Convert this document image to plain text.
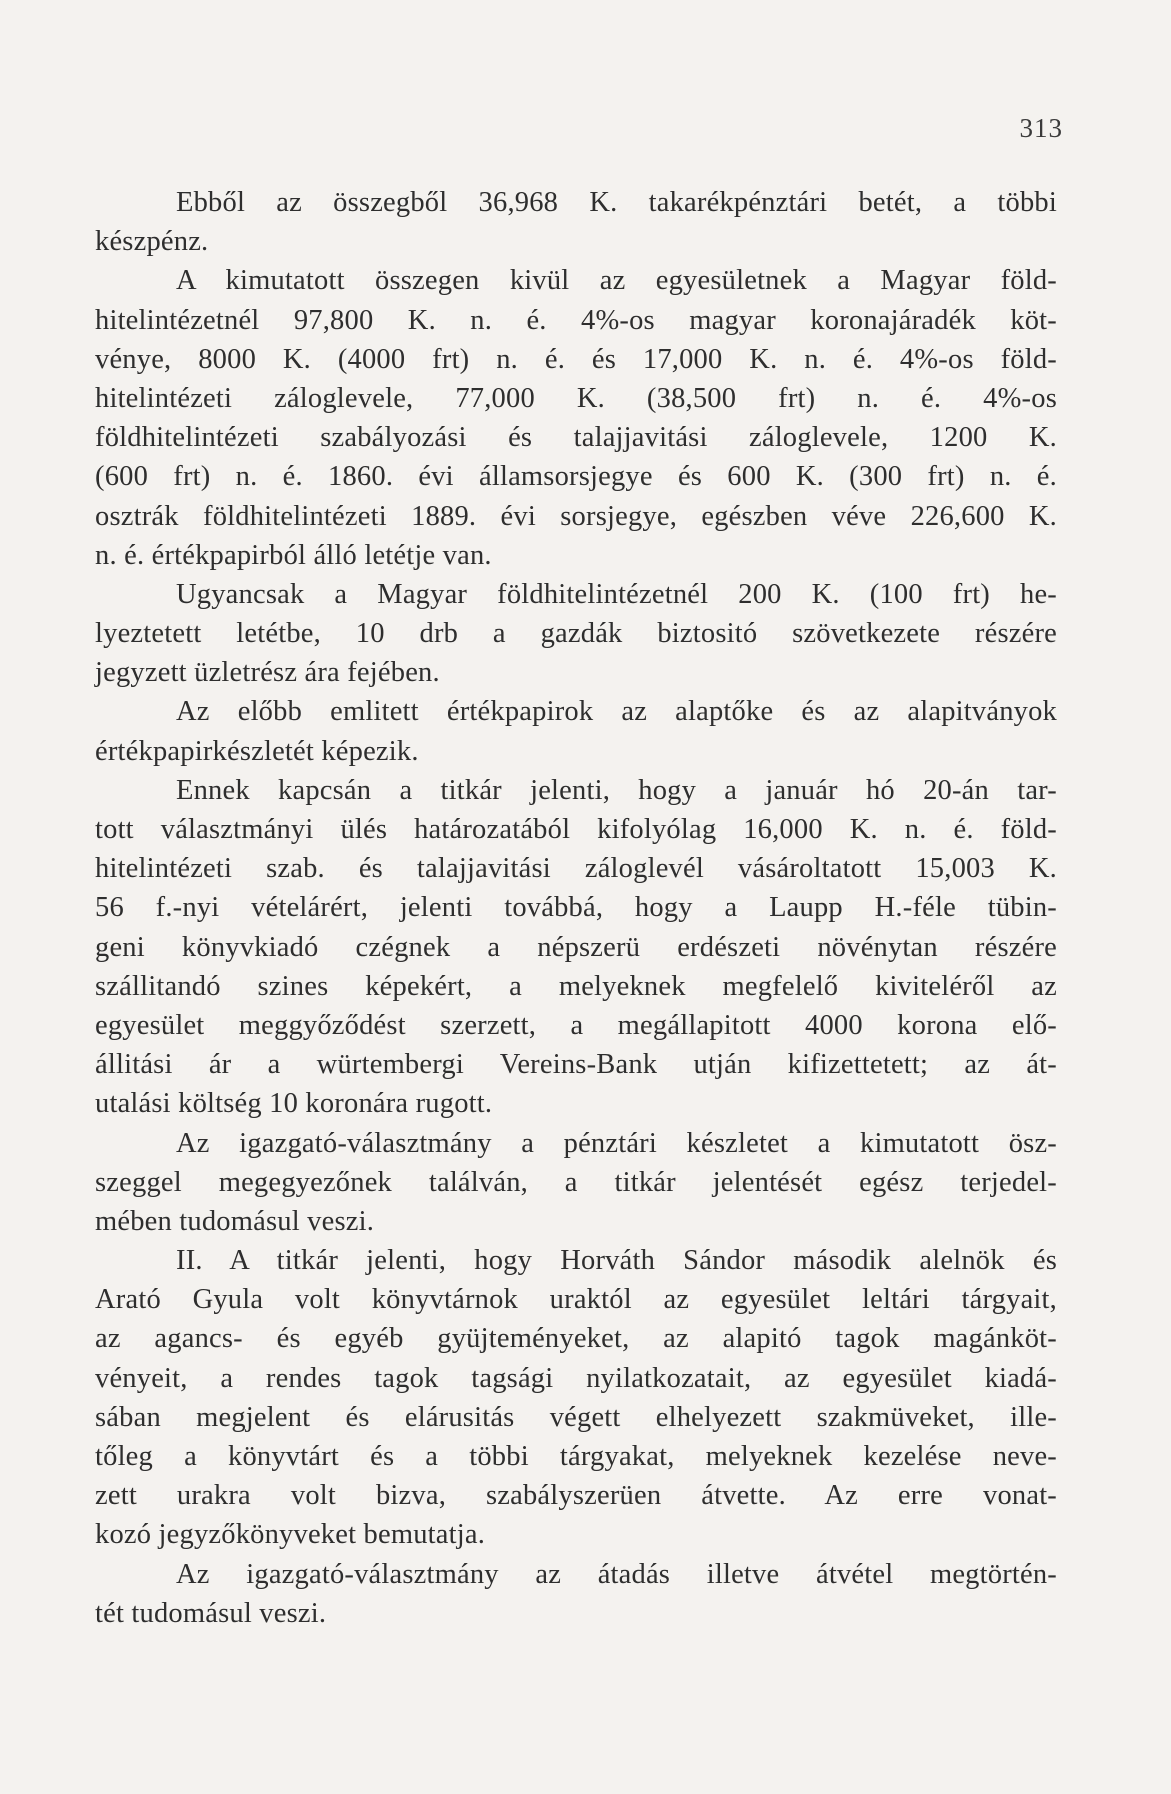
313
Ebből az összegből 36,968 K. takarékpénztári betét, a többi
készpénz.
A kimutatott összegen kivül az egyesületnek a Magyar föld-
hitelintézetnél 97,800 K. n. é. 4%-os magyar koronajáradék köt-
vénye, 8000 K. (4000 frt) n. é. és 17,000 K. n. é. 4%-os föld-
hitelintézeti záloglevele, 77,000 K. (38,500 frt) n. é. 4%-os
földhitelintézeti szabályozási és talajjavitási záloglevele, 1200 K.
(600 frt) n. é. 1860. évi államsorsjegye és 600 K. (300 frt) n. é.
osztrák földhitelintézeti 1889. évi sorsjegye, egészben véve 226,600 K.
n. é. értékpapirból álló letétje van.
Ugyancsak a Magyar földhitelintézetnél 200 K. (100 frt) he-
lyeztetett letétbe, 10 drb a gazdák biztositó szövetkezete részére
jegyzett üzletrész ára fejében.
Az előbb emlitett értékpapirok az alaptőke és az alapitványok
értékpapirkészletét képezik.
Ennek kapcsán a titkár jelenti, hogy a január hó 20-án tar-
tott választmányi ülés határozatából kifolyólag 16,000 K. n. é. föld-
hitelintézeti szab. és talajjavitási záloglevél vásároltatott 15,003 K.
56 f.-nyi vételárért, jelenti továbbá, hogy a Laupp H.-féle tübin-
geni könyvkiadó czégnek a népszerü erdészeti növénytan részére
szállitandó szines képekért, a melyeknek megfelelő kiviteléről az
egyesület meggyőződést szerzett, a megállapitott 4000 korona elő-
állitási ár a würtembergi Vereins-Bank utján kifizettetett; az át-
utalási költség 10 koronára rugott.
Az igazgató-választmány a pénztári készletet a kimutatott ösz-
szeggel megegyezőnek találván, a titkár jelentését egész terjedel-
mében tudomásul veszi.
II. A titkár jelenti, hogy Horváth Sándor második alelnök és
Arató Gyula volt könyvtárnok uraktól az egyesület leltári tárgyait,
az agancs- és egyéb gyüjteményeket, az alapitó tagok magánköt-
vényeit, a rendes tagok tagsági nyilatkozatait, az egyesület kiadá-
sában megjelent és elárusitás végett elhelyezett szakmüveket, ille-
tőleg a könyvtárt és a többi tárgyakat, melyeknek kezelése neve-
zett urakra volt bizva, szabályszerüen átvette. Az erre vonat-
kozó jegyzőkönyveket bemutatja.
Az igazgató-választmány az átadás illetve átvétel megtörtén-
tét tudomásul veszi.
